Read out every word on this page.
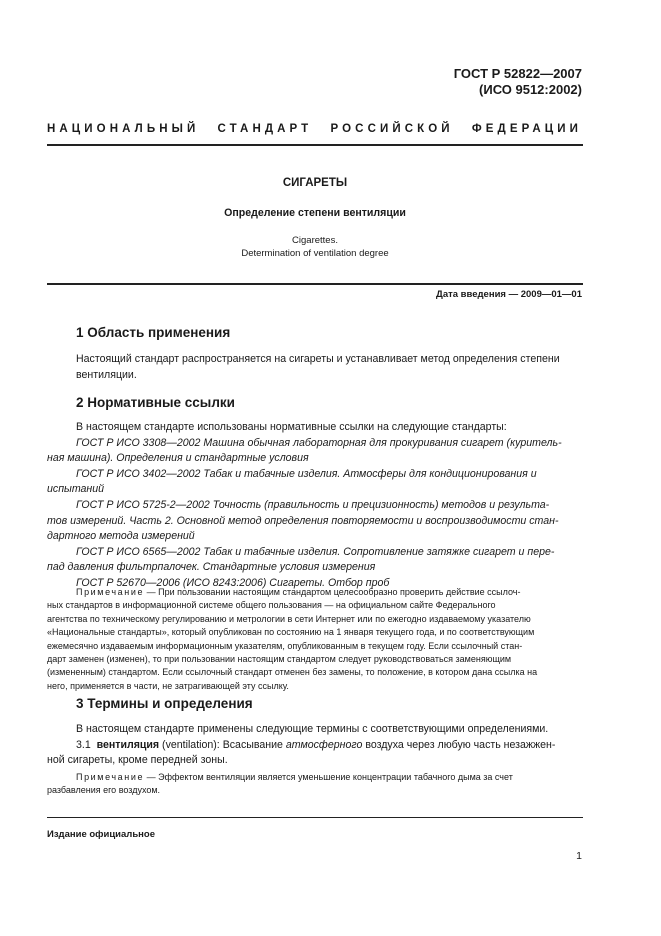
ГОСТ Р 52822—2007
(ИСО 9512:2002)
НАЦИОНАЛЬНЫЙ СТАНДАРТ РОССИЙСКОЙ ФЕДЕРАЦИИ
СИГАРЕТЫ
Определение степени вентиляции
Cigarettes.
Determination of ventilation degree
Дата введения — 2009—01—01
1 Область применения
Настоящий стандарт распространяется на сигареты и устанавливает метод определения степени
вентиляции.
2 Нормативные ссылки
В настоящем стандарте использованы нормативные ссылки на следующие стандарты:
ГОСТ Р ИСО 3308—2002 Машина обычная лабораторная для прокуривания сигарет (куритель-
ная машина). Определения и стандартные условия
ГОСТ Р ИСО 3402—2002 Табак и табачные изделия. Атмосферы для кондиционирования и
испытаний
ГОСТ Р ИСО 5725-2—2002 Точность (правильность и прецизионность) методов и результа-
тов измерений. Часть 2. Основной метод определения повторяемости и воспроизводимости стан-
дартного метода измерений
ГОСТ Р ИСО 6565—2002 Табак и табачные изделия. Сопротивление затяжке сигарет и пере-
пад давления фильтрпалочек. Стандартные условия измерения
ГОСТ Р 52670—2006 (ИСО 8243:2006) Сигареты. Отбор проб
Примечание — При пользовании настоящим стандартом целесообразно проверить действие ссылоч-
ных стандартов в информационной системе общего пользования — на официальном сайте Федерального
агентства по техническому регулированию и метрологии в сети Интернет или по ежегодно издаваемому указателю
«Национальные стандарты», который опубликован по состоянию на 1 января текущего года, и по соответствующим
ежемесячно издаваемым информационным указателям, опубликованным в текущем году. Если ссылочный стан-
дарт заменен (изменен), то при пользовании настоящим стандартом следует руководствоваться заменяющим
(измененным) стандартом. Если ссылочный стандарт отменен без замены, то положение, в котором дана ссылка на
него, применяется в части, не затрагивающей эту ссылку.
3 Термины и определения
В настоящем стандарте применены следующие термины с соответствующими определениями.
3.1 вентиляция (ventilation): Всасывание атмосферного воздуха через любую часть незажжен-
ной сигареты, кроме передней зоны.
Примечание — Эффектом вентиляции является уменьшение концентрации табачного дыма за счет
разбавления его воздухом.
Издание официальное
1
